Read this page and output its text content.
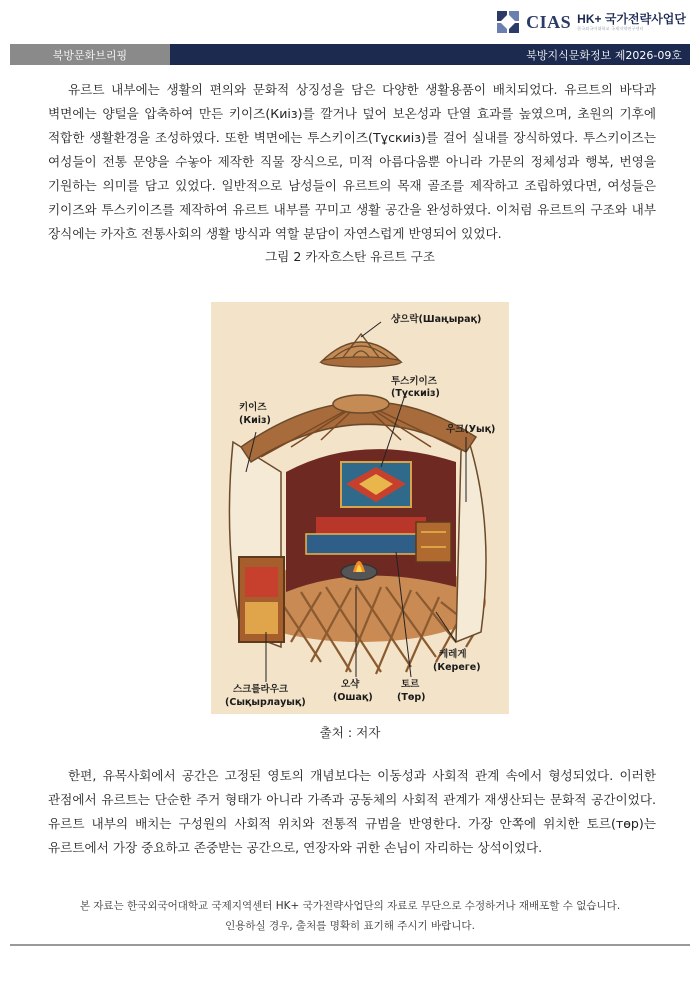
CIAS HK+ 국가전략사업단
한국외국어대학교 국제지역연구센터
북방문화브리핑	북방지식문화정보 제2026-09호

유르트 내부에는 생활의 편의와 문화적 상징성을 담은 다양한 생활용품이 배치되었다. 유르트의 바닥과 벽면에는 양털을 압축하여 만든 키이즈(Киіз)를 깔거나 덮어 보온성과 단열 효과를 높였으며, 초원의 기후에 적합한 생활환경을 조성하였다. 또한 벽면에는 투스키이즈(Тұскиіз)를 걸어 실내를 장식하였다. 투스키이즈는 여성들이 전통 문양을 수놓아 제작한 직물 장식으로, 미적 아름다움뿐 아니라 가문의 정체성과 행복, 번영을 기원하는 의미를 담고 있었다. 일반적으로 남성들이 유르트의 목재 골조를 제작하고 조립하였다면, 여성들은 키이즈와 투스키이즈를 제작하여 유르트 내부를 꾸미고 생활 공간을 완성하였다. 이처럼 유르트의 구조와 내부 장식에는 카자흐 전통사회의 생활 방식과 역할 분담이 자연스럽게 반영되어 있었다.

그림 2 카자흐스탄 유르트 구조
샹으락(Шаңырақ)
투스키이즈
(Тұскиіз)
키이즈
(Киіз)
우크(Уық)
케레게
(Кереге)
스크를라우크
(Сықырлауық)
오샥
(Ошақ)
토르
(Төр)
출처 : 저자

한편, 유목사회에서 공간은 고정된 영토의 개념보다는 이동성과 사회적 관계 속에서 형성되었다. 이러한 관점에서 유르트는 단순한 주거 형태가 아니라 가족과 공동체의 사회적 관계가 재생산되는 문화적 공간이었다. 유르트 내부의 배치는 구성원의 사회적 위치와 전통적 규범을 반영한다. 가장 안쪽에 위치한 토르(төр)는 유르트에서 가장 중요하고 존중받는 공간으로, 연장자와 귀한 손님이 자리하는 상석이었다.

본 자료는 한국외국어대학교 국제지역센터 HK+ 국가전략사업단의 자료로 무단으로 수정하거나 재배포할 수 없습니다.
인용하실 경우, 출처를 명확히 표기해 주시기 바랍니다.
